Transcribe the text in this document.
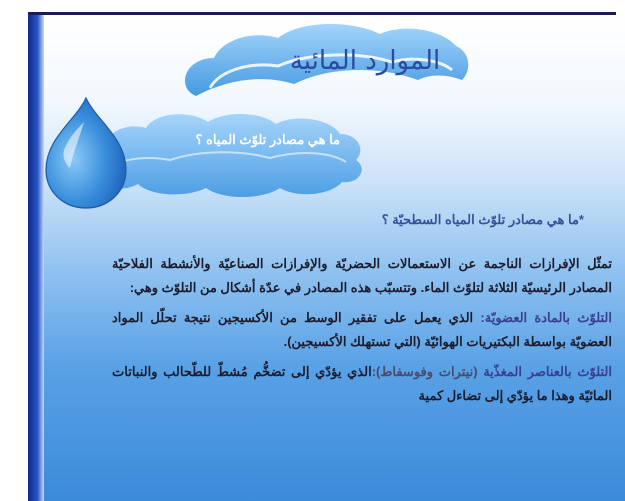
الموارد المائية
ما هي مصادر تلوّث المياه ؟
*ما هي مصادر تلوّث المياه السطحيّة ؟
تمثّل الإفرازات الناجمة عن الاستعمالات الحضريّة والإفرازات الصناعيّة والأنشطة الفلاحيّة المصادر الرئيسيّة الثلاثة لتلوّث الماء. وتتسبّب هذه المصادر في عدّة أشكال من التلوّث وهي:
التلوّث بالمادة العضويّة: الذي يعمل على تفقير الوسط من الأكسيجين نتيجة تحلّل المواد العضويّة بواسطة البكتيريات الهوائيّة (التي تستهلك الأكسيجين).
التلوّث بالعناصر المغذّية (نيترات وفوسفاط):الذي يؤدّي إلى تضخُّم مُشطّ للطّحالب والنباتات المائيّة وهذا ما يؤدّي إلى تضاءل كمية
